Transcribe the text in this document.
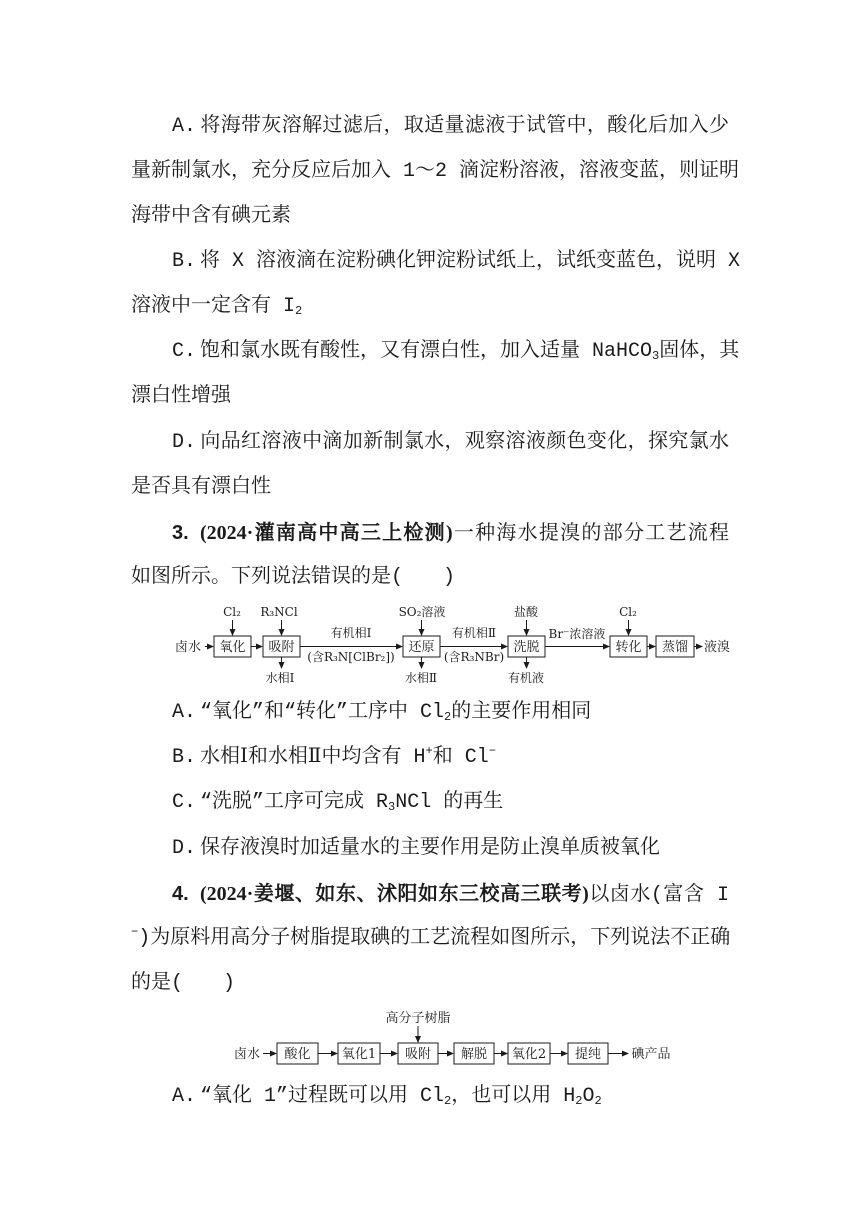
A. 将海带灰溶解过滤后，取适量滤液于试管中，酸化后加入少
量新制氯水，充分反应后加入 1～2 滴淀粉溶液，溶液变蓝，则证明
海带中含有碘元素
B. 将 X 溶液滴在淀粉碘化钾淀粉试纸上，试纸变蓝色，说明 X
溶液中一定含有 $I_2$
C. 饱和氯水既有酸性，又有漂白性，加入适量 NaHCO$_3$固体，其
漂白性增强
D. 向品红溶液中滴加新制氯水，观察溶液颜色变化，探究氯水
是否具有漂白性
3. (2024·灌南高中高三上检测)一种海水提溴的部分工艺流程
如图所示。下列说法错误的是(　　)
卤水 氧化 吸附
有机相Ⅰ
(含R₃N[ClBr₂])
还原
有机相Ⅱ
(含R₃NBr)
洗脱
Br⁻浓溶液
转化 蒸馏 液溴
Cl₂ R₃NCl	SO₂溶液	盐酸	Cl₂
水相Ⅰ	水相Ⅱ	有机液
A. “氧化”和“转化”工序中 $Cl_2$的主要作用相同
B. 水相Ⅰ和水相Ⅱ中均含有 H+和 Cl−
C. “洗脱”工序可完成 $R_3NCl$ 的再生
D. 保存液溴时加适量水的主要作用是防止溴单质被氧化
4. (2024·姜堰、如东、沭阳如东三校高三联考)以卤水(富含 I
−)为原料用高分子树脂提取碘的工艺流程如图所示，下列说法不正确
的是(　　)
高分子树脂
卤水 酸化 氧化1 吸附 解脱 氧化2 提纯 碘产品
A. “氧化 1”过程既可以用 $Cl_2$，也可以用 $H_2O_2$
